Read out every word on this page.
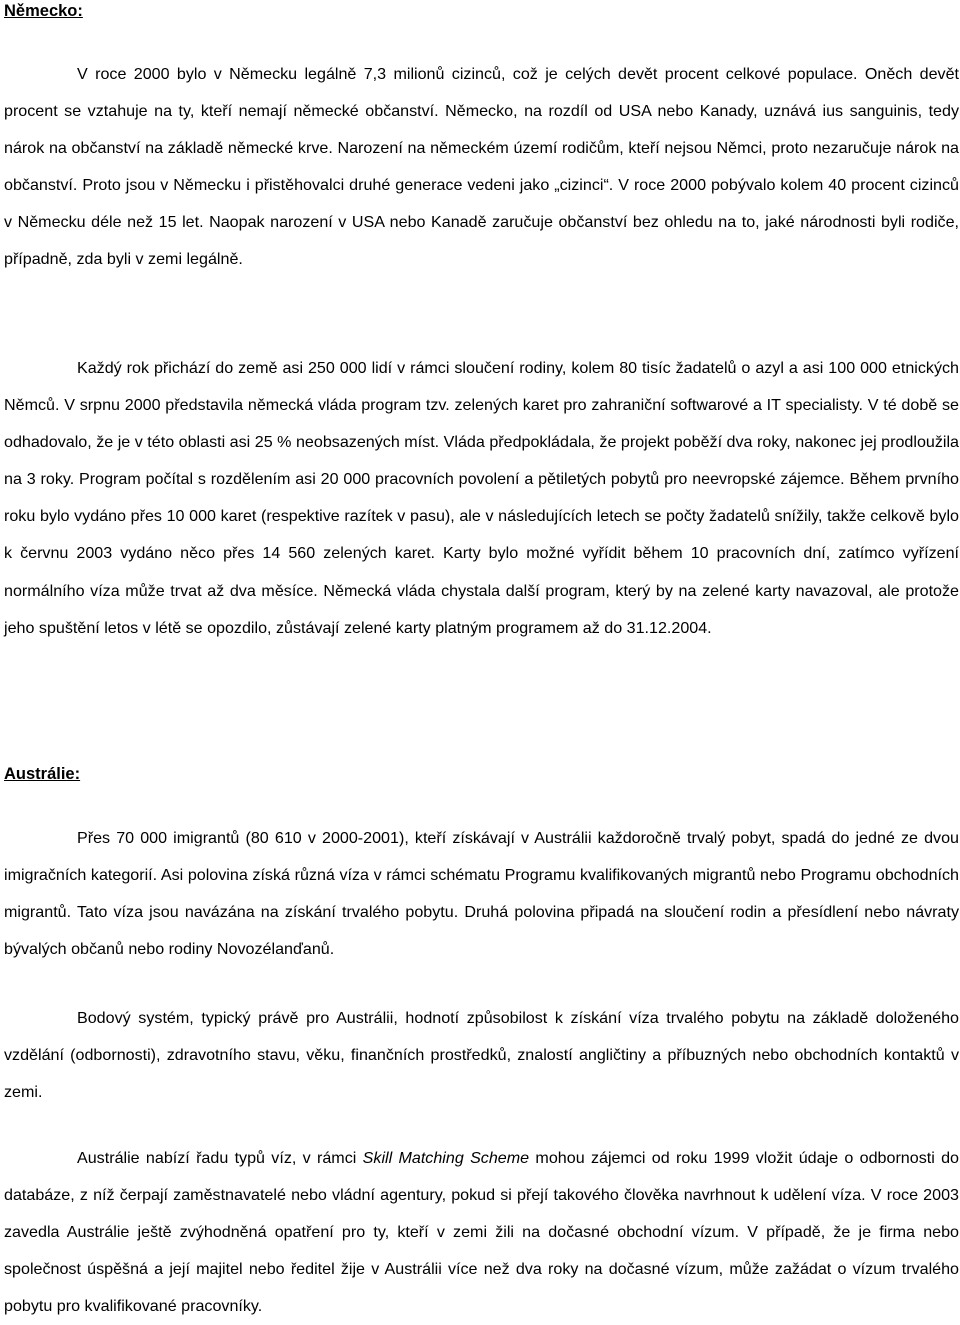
Německo:

V roce 2000 bylo v Německu legálně 7,3 milionů cizinců, což je celých devět procent celkové populace. Oněch devět procent se vztahuje na ty, kteří nemají německé občanství. Německo, na rozdíl od USA nebo Kanady, uznává ius sanguinis, tedy nárok na občanství na základě německé krve. Narození na německém území rodičům, kteří nejsou Němci, proto nezaručuje nárok na občanství. Proto jsou v Německu i přistěhovalci druhé generace vedeni jako „cizinci“. V roce 2000 pobývalo kolem 40 procent cizinců v Německu déle než 15 let. Naopak narození v USA nebo Kanadě zaručuje občanství bez ohledu na to, jaké národnosti byli rodiče, případně, zda byli v zemi legálně.

Každý rok přichází do země asi 250 000 lidí v rámci sloučení rodiny, kolem 80 tisíc žadatelů o azyl a asi 100 000 etnických Němců. V srpnu 2000 představila německá vláda program tzv. zelených karet pro zahraniční softwarové a IT specialisty. V té době se odhadovalo, že je v této oblasti asi 25 % neobsazených míst. Vláda předpokládala, že projekt poběží dva roky, nakonec jej prodloužila na 3 roky. Program počítal s rozdělením asi 20 000 pracovních povolení a pětiletých pobytů pro neevropské zájemce. Během prvního roku bylo vydáno přes 10 000 karet (respektive razítek v pasu), ale v následujících letech se počty žadatelů snížily, takže celkově bylo k červnu 2003 vydáno něco přes 14 560 zelených karet. Karty bylo možné vyřídit během 10 pracovních dní, zatímco vyřízení normálního víza může trvat až dva měsíce. Německá vláda chystala další program, který by na zelené karty navazoval, ale protože jeho spuštění letos v létě se opozdilo, zůstávají zelené karty platným programem až do 31.12.2004.

Austrálie:

Přes 70 000 imigrantů (80 610 v 2000-2001), kteří získávají v Austrálii každoročně trvalý pobyt, spadá do jedné ze dvou imigračních kategorií. Asi polovina získá různá víza v rámci schématu Programu kvalifikovaných migrantů nebo Programu obchodních migrantů. Tato víza jsou navázána na získání trvalého pobytu. Druhá polovina připadá na sloučení rodin a přesídlení nebo návraty bývalých občanů nebo rodiny Novozélanďanů.

Bodový systém, typický právě pro Austrálii, hodnotí způsobilost k získání víza trvalého pobytu na základě doloženého vzdělání (odbornosti), zdravotního stavu, věku, finančních prostředků, znalostí angličtiny a příbuzných nebo obchodních kontaktů v zemi.

Austrálie nabízí řadu typů víz, v rámci Skill Matching Scheme mohou zájemci od roku 1999 vložit údaje o odbornosti do databáze, z níž čerpají zaměstnavatelé nebo vládní agentury, pokud si přejí takového člověka navrhnout k udělení víza. V roce 2003 zavedla Austrálie ještě zvýhodněná opatření pro ty, kteří v zemi žili na dočasné obchodní vízum. V případě, že je firma nebo společnost úspěšná a její majitel nebo ředitel žije v Austrálii více než dva roky na dočasné vízum, může zažádat o vízum trvalého pobytu pro kvalifikované pracovníky.
